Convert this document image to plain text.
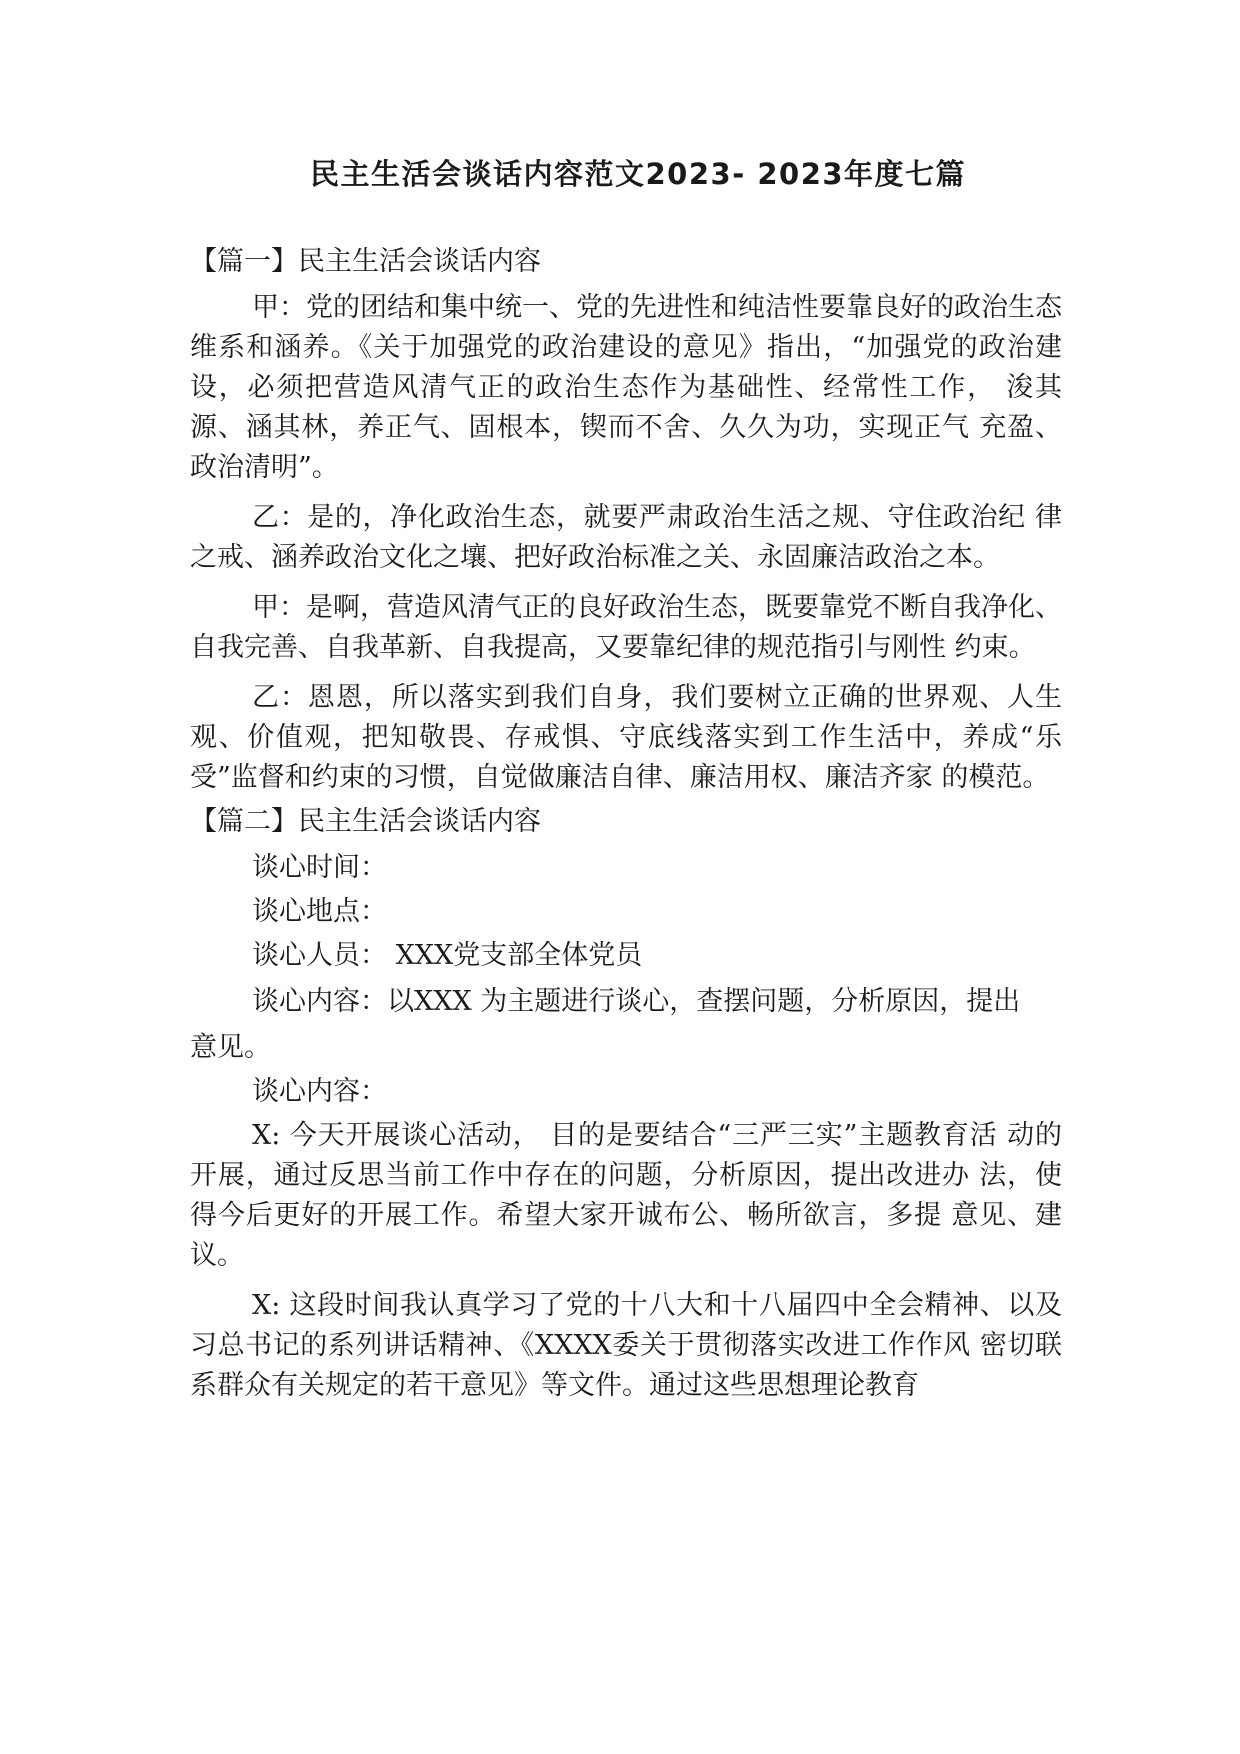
民主生活会谈话内容范文2023- 2023年度七篇

【篇一】民主生活会谈话内容

甲：党的团结和集中统一、党的先进性和纯洁性要靠良好的政治生态维系和涵养。《关于加强党的政治建设的意见》指出，“加强党的政治建设，必须把营造风清气正的政治生态作为基础性、经常性工作， 浚其源、涵其林，养正气、固根本，锲而不舍、久久为功，实现正气 充盈、政治清明”。

乙：是的，净化政治生态，就要严肃政治生活之规、守住政治纪 律之戒、涵养政治文化之壤、把好政治标准之关、永固廉洁政治之本。

甲：是啊，营造风清气正的良好政治生态，既要靠党不断自我净化、自我完善、自我革新、自我提高，又要靠纪律的规范指引与刚性 约束。

乙：恩恩，所以落实到我们自身，我们要树立正确的世界观、人生观、价值观，把知敬畏、存戒惧、守底线落实到工作生活中，养成“乐受”监督和约束的习惯，自觉做廉洁自律、廉洁用权、廉洁齐家 的模范。

【篇二】民主生活会谈话内容

谈心时间：

谈心地点：

谈心人员： XXX党支部全体党员

谈心内容：以XXX 为主题进行谈心，查摆问题，分析原因，提出

意见。

谈心内容：

X: 今天开展谈心活动， 目的是要结合“三严三实”主题教育活 动的开展，通过反思当前工作中存在的问题，分析原因，提出改进办 法，使得今后更好的开展工作。希望大家开诚布公、畅所欲言，多提 意见、建议。

X: 这段时间我认真学习了党的十八大和十八届四中全会精神、以及习总书记的系列讲话精神、《XXXX委关于贯彻落实改进工作作风 密切联系群众有关规定的若干意见》等文件。通过这些思想理论教育
